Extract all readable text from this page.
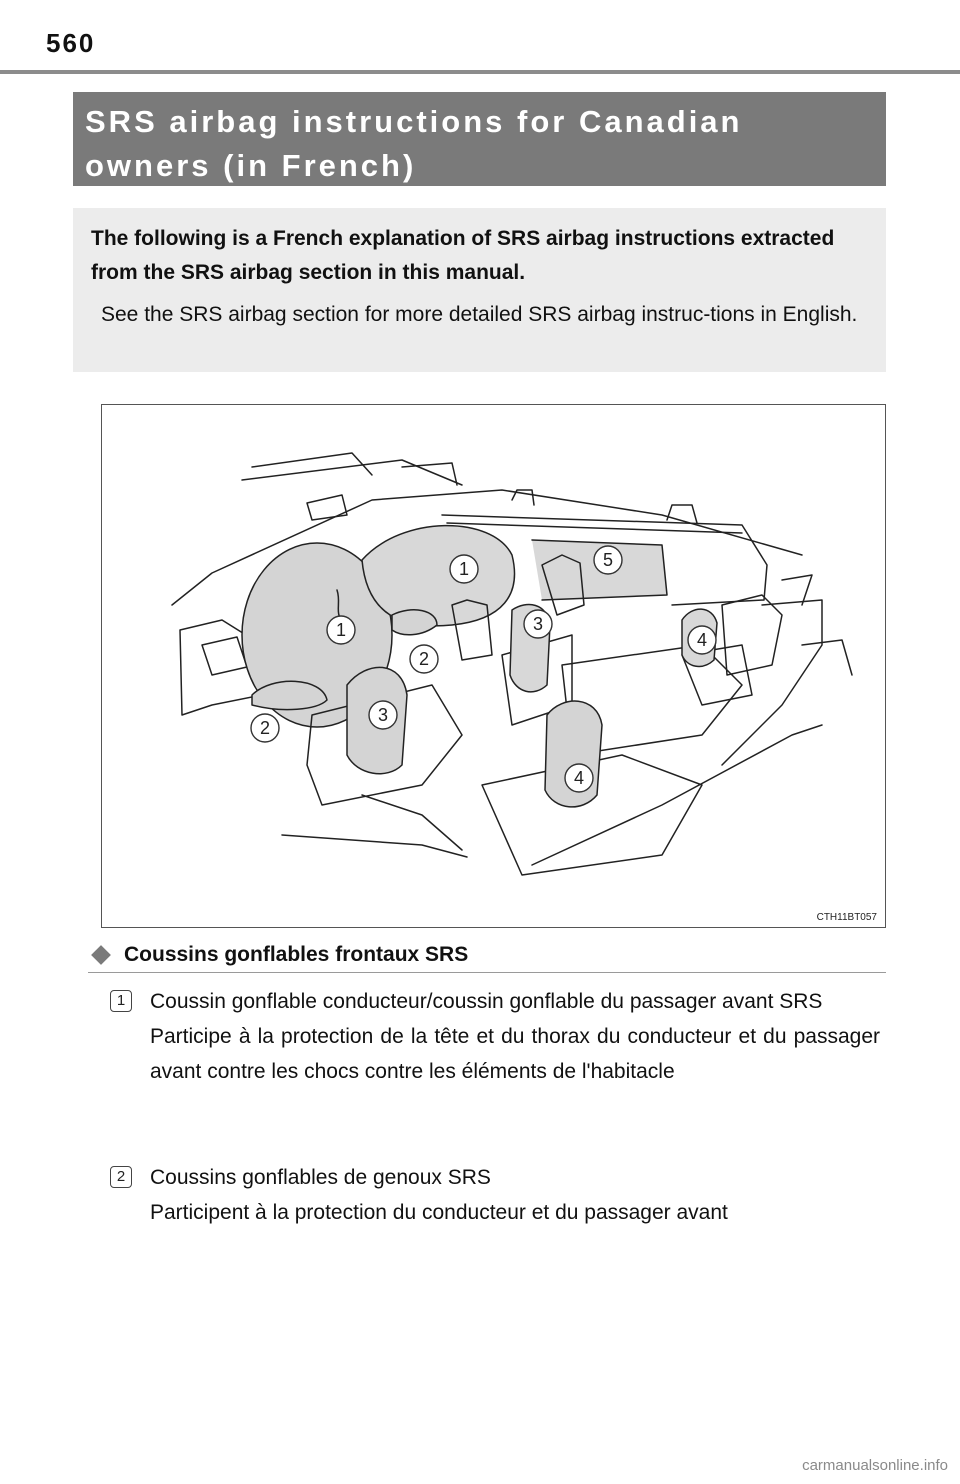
560

SRS airbag instructions for Canadian owners (in French)

The following is a French explanation of SRS airbag instructions extracted from the SRS airbag section in this manual.

See the SRS airbag section for more detailed SRS airbag instruc-tions in English.

1
1
2
2
3
3
4
4
5
CTH11BT057
Coussins gonflables frontaux SRS
1	Coussin gonflable conducteur/coussin gonflable du passager avant SRS

Participe à la protection de la tête et du thorax du conducteur et du passager avant contre les chocs contre les éléments de l'habitacle

2	Coussins gonflables de genoux SRS

Participent à la protection du conducteur et du passager avant

carmanualsonline.info
